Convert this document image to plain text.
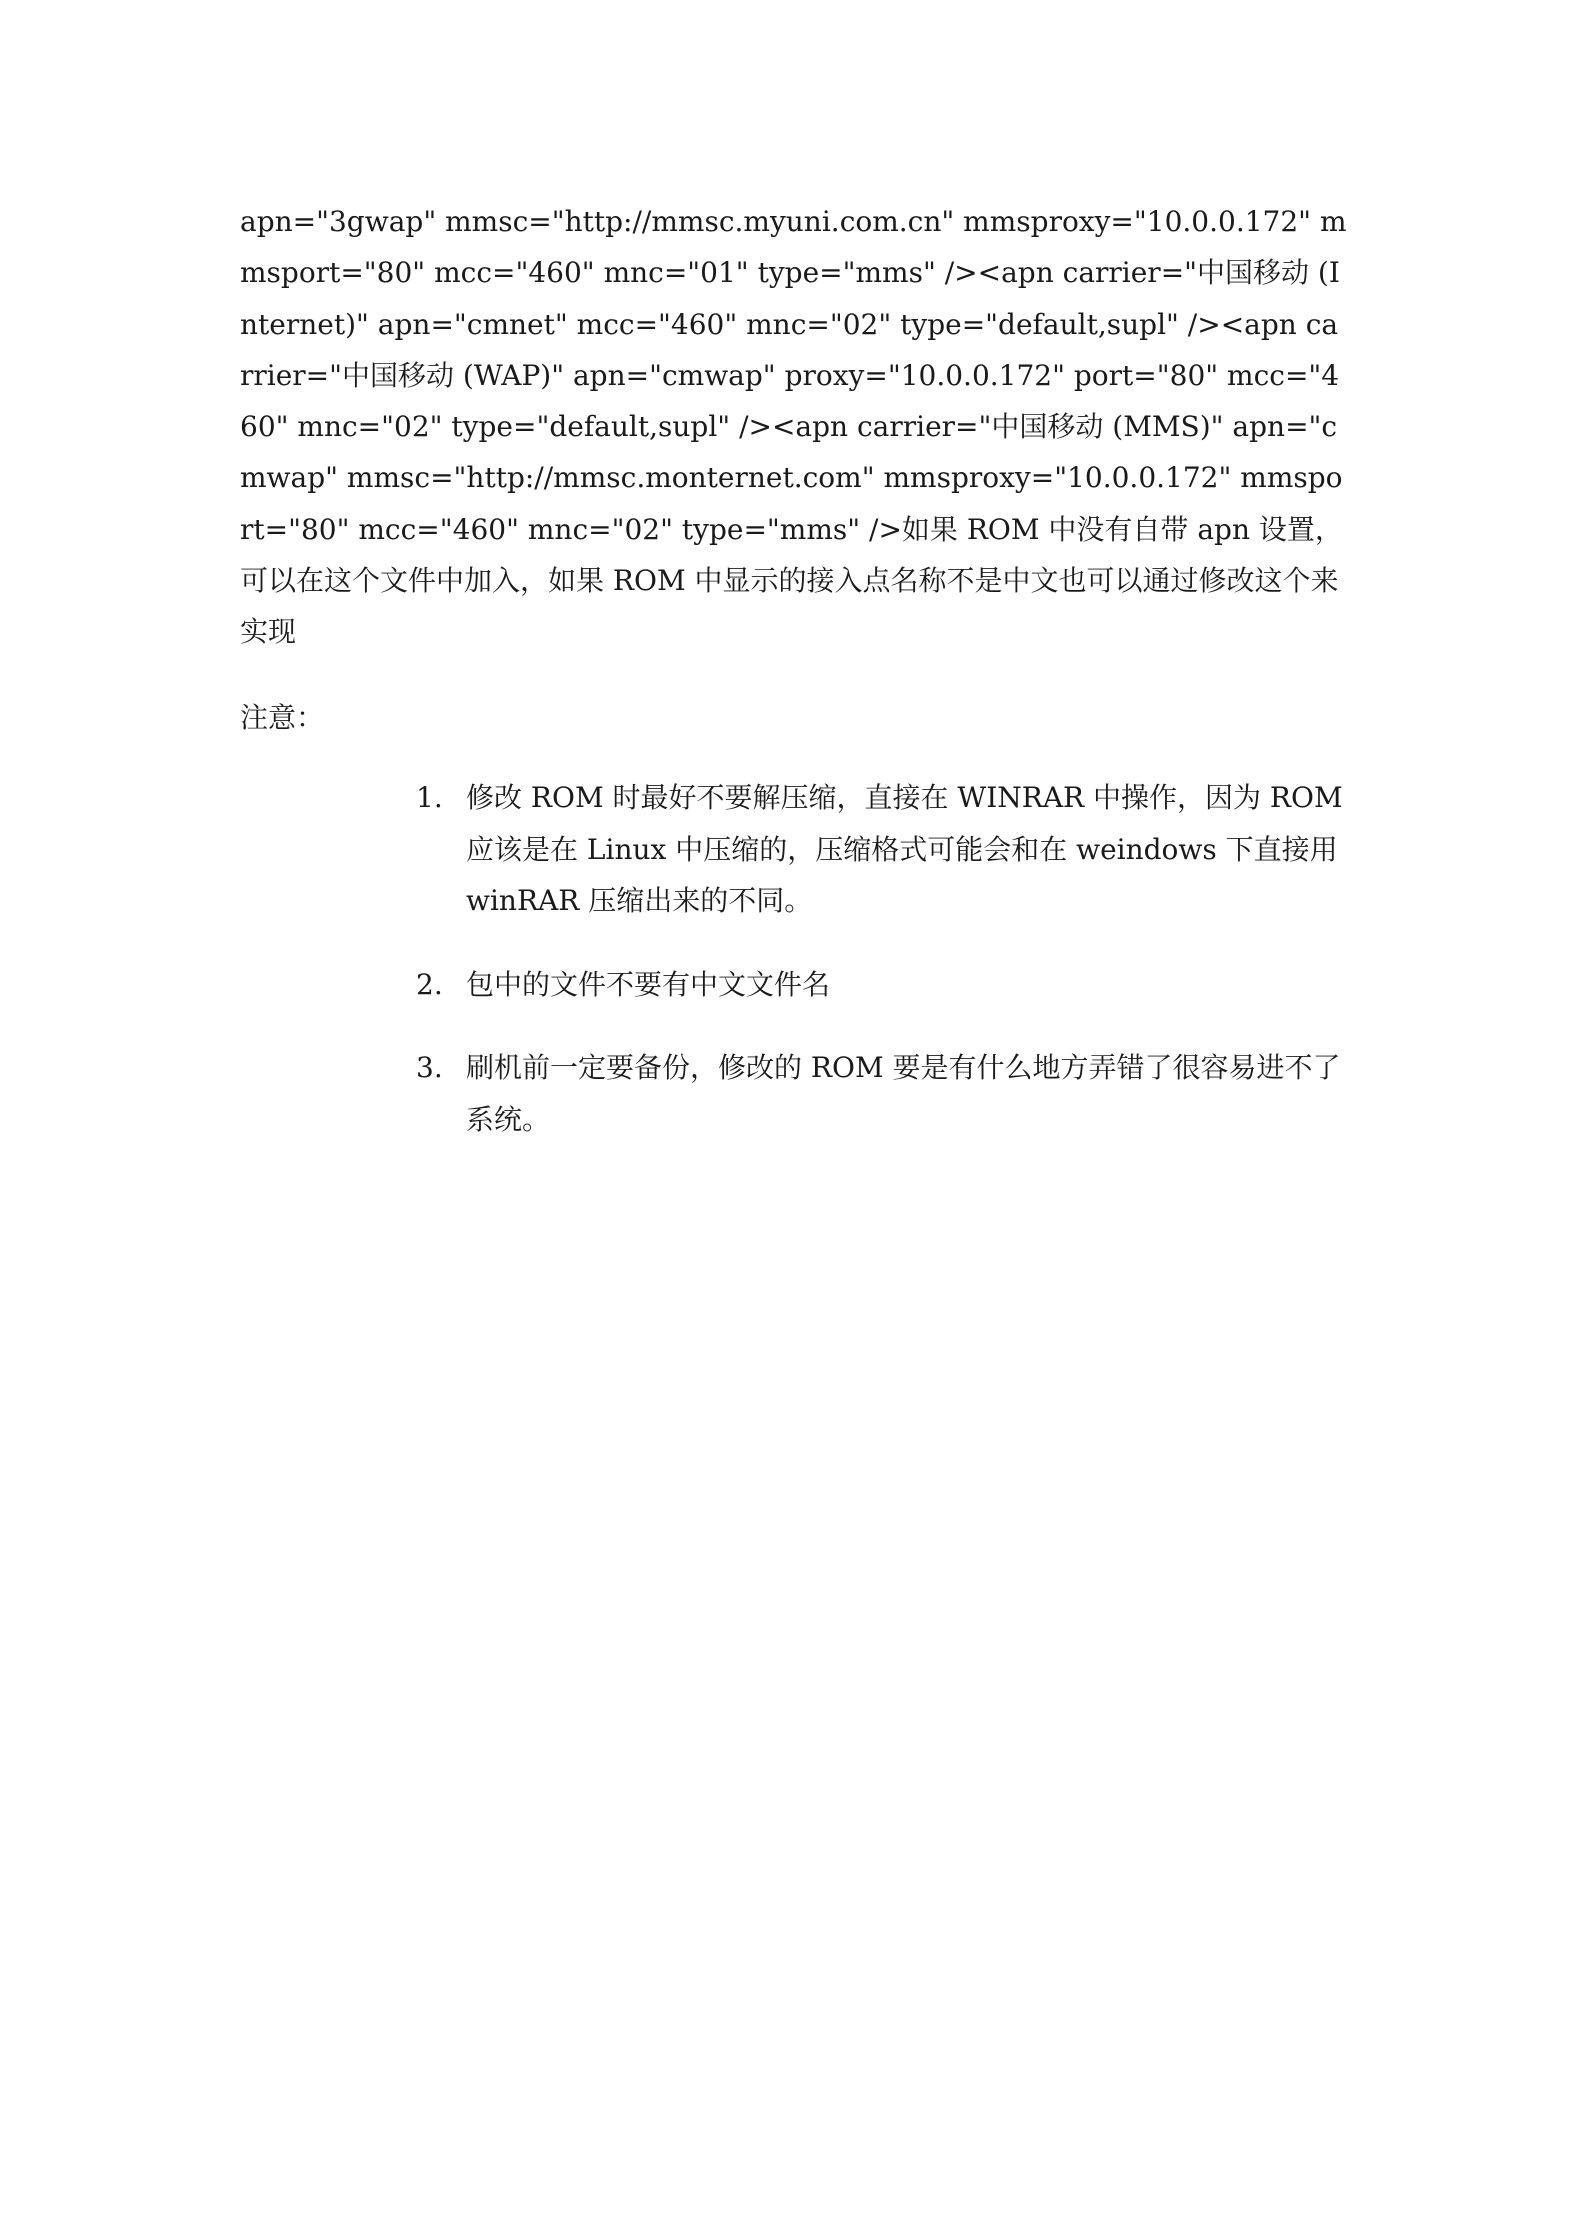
apn="3gwap" mmsc="http://mmsc.myuni.com.cn" mmsproxy="10.0.0.172" mmsport="80" mcc="460" mnc="01" type="mms" /><apn carrier="中国移动 (Internet)" apn="cmnet" mcc="460" mnc="02" type="default,supl" /><apn carrier="中国移动 (WAP)" apn="cmwap" proxy="10.0.0.172" port="80" mcc="460" mnc="02" type="default,supl" /><apn carrier="中国移动 (MMS)" apn="cmwap" mmsc="http://mmsc.monternet.com" mmsproxy="10.0.0.172" mmsport="80" mcc="460" mnc="02" type="mms" />如果 ROM 中没有自带 apn 设置，可以在这个文件中加入，如果 ROM 中显示的接入点名称不是中文也可以通过修改这个来实现

注意：

1. 修改 ROM 时最好不要解压缩，直接在 WINRAR 中操作，因为 ROM 应该是在 Linux 中压缩的，压缩格式可能会和在 weindows 下直接用 winRAR 压缩出来的不同。
2. 包中的文件不要有中文文件名
3. 刷机前一定要备份，修改的 ROM 要是有什么地方弄错了很容易进不了系统。
